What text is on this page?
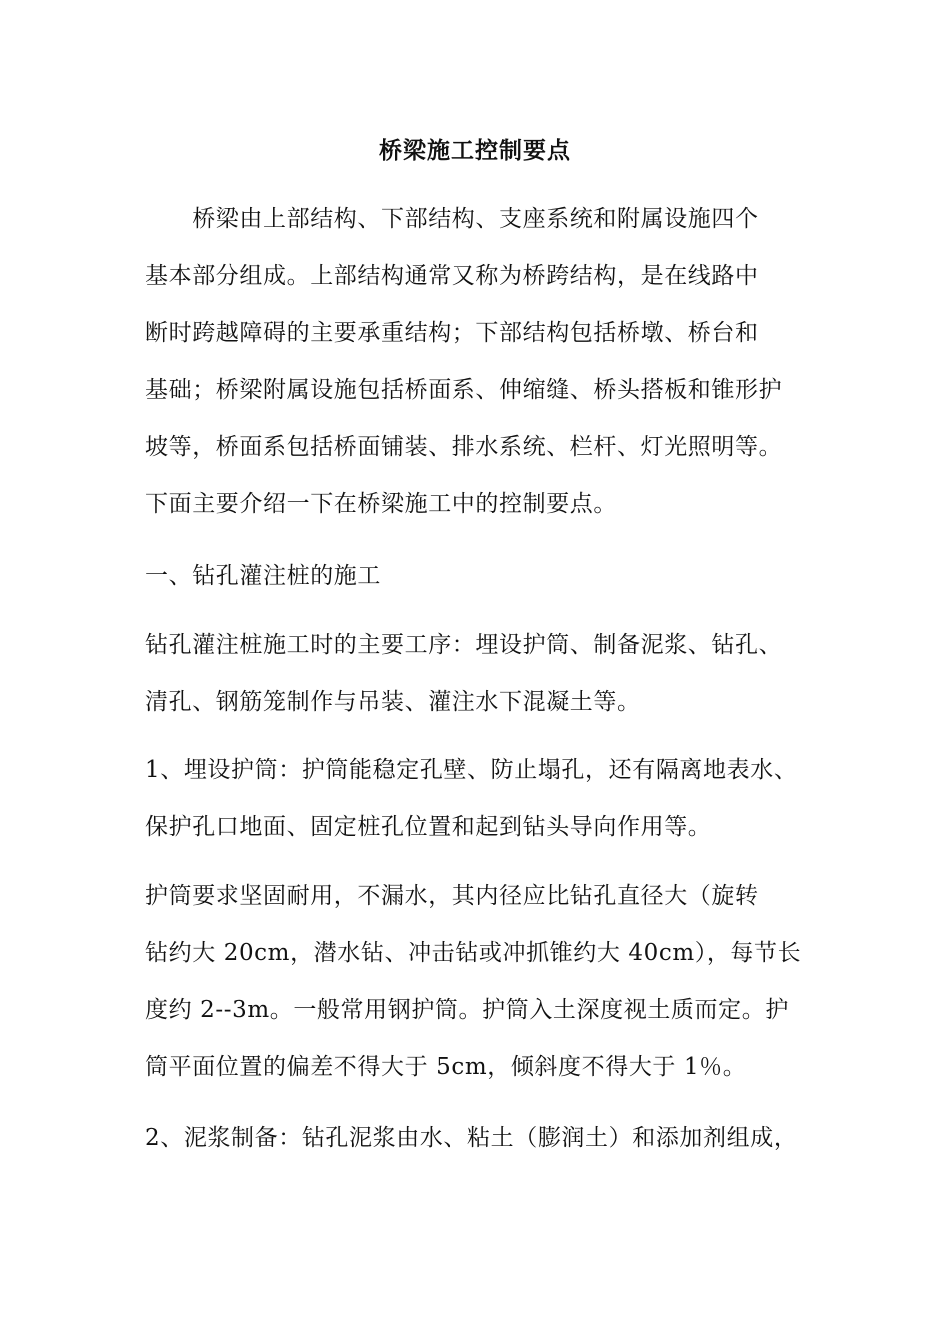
桥梁施工控制要点
　　桥梁由上部结构、下部结构、支座系统和附属设施四个
基本部分组成。上部结构通常又称为桥跨结构，是在线路中
断时跨越障碍的主要承重结构；下部结构包括桥墩、桥台和
基础；桥梁附属设施包括桥面系、伸缩缝、桥头搭板和锥形护
坡等，桥面系包括桥面铺装、排水系统、栏杆、灯光照明等。
下面主要介绍一下在桥梁施工中的控制要点。
一、钻孔灌注桩的施工
钻孔灌注桩施工时的主要工序：埋设护筒、制备泥浆、钻孔、
清孔、钢筋笼制作与吊装、灌注水下混凝土等。
1、埋设护筒：护筒能稳定孔壁、防止塌孔，还有隔离地表水、
保护孔口地面、固定桩孔位置和起到钻头导向作用等。
护筒要求坚固耐用，不漏水，其内径应比钻孔直径大（旋转
钻约大 20cm，潜水钻、冲击钻或冲抓锥约大 40cm），每节长
度约 2--3m。一般常用钢护筒。护筒入土深度视土质而定。护
筒平面位置的偏差不得大于 5cm，倾斜度不得大于 1％。
2、泥浆制备：钻孔泥浆由水、粘土（膨润土）和添加剂组成，
